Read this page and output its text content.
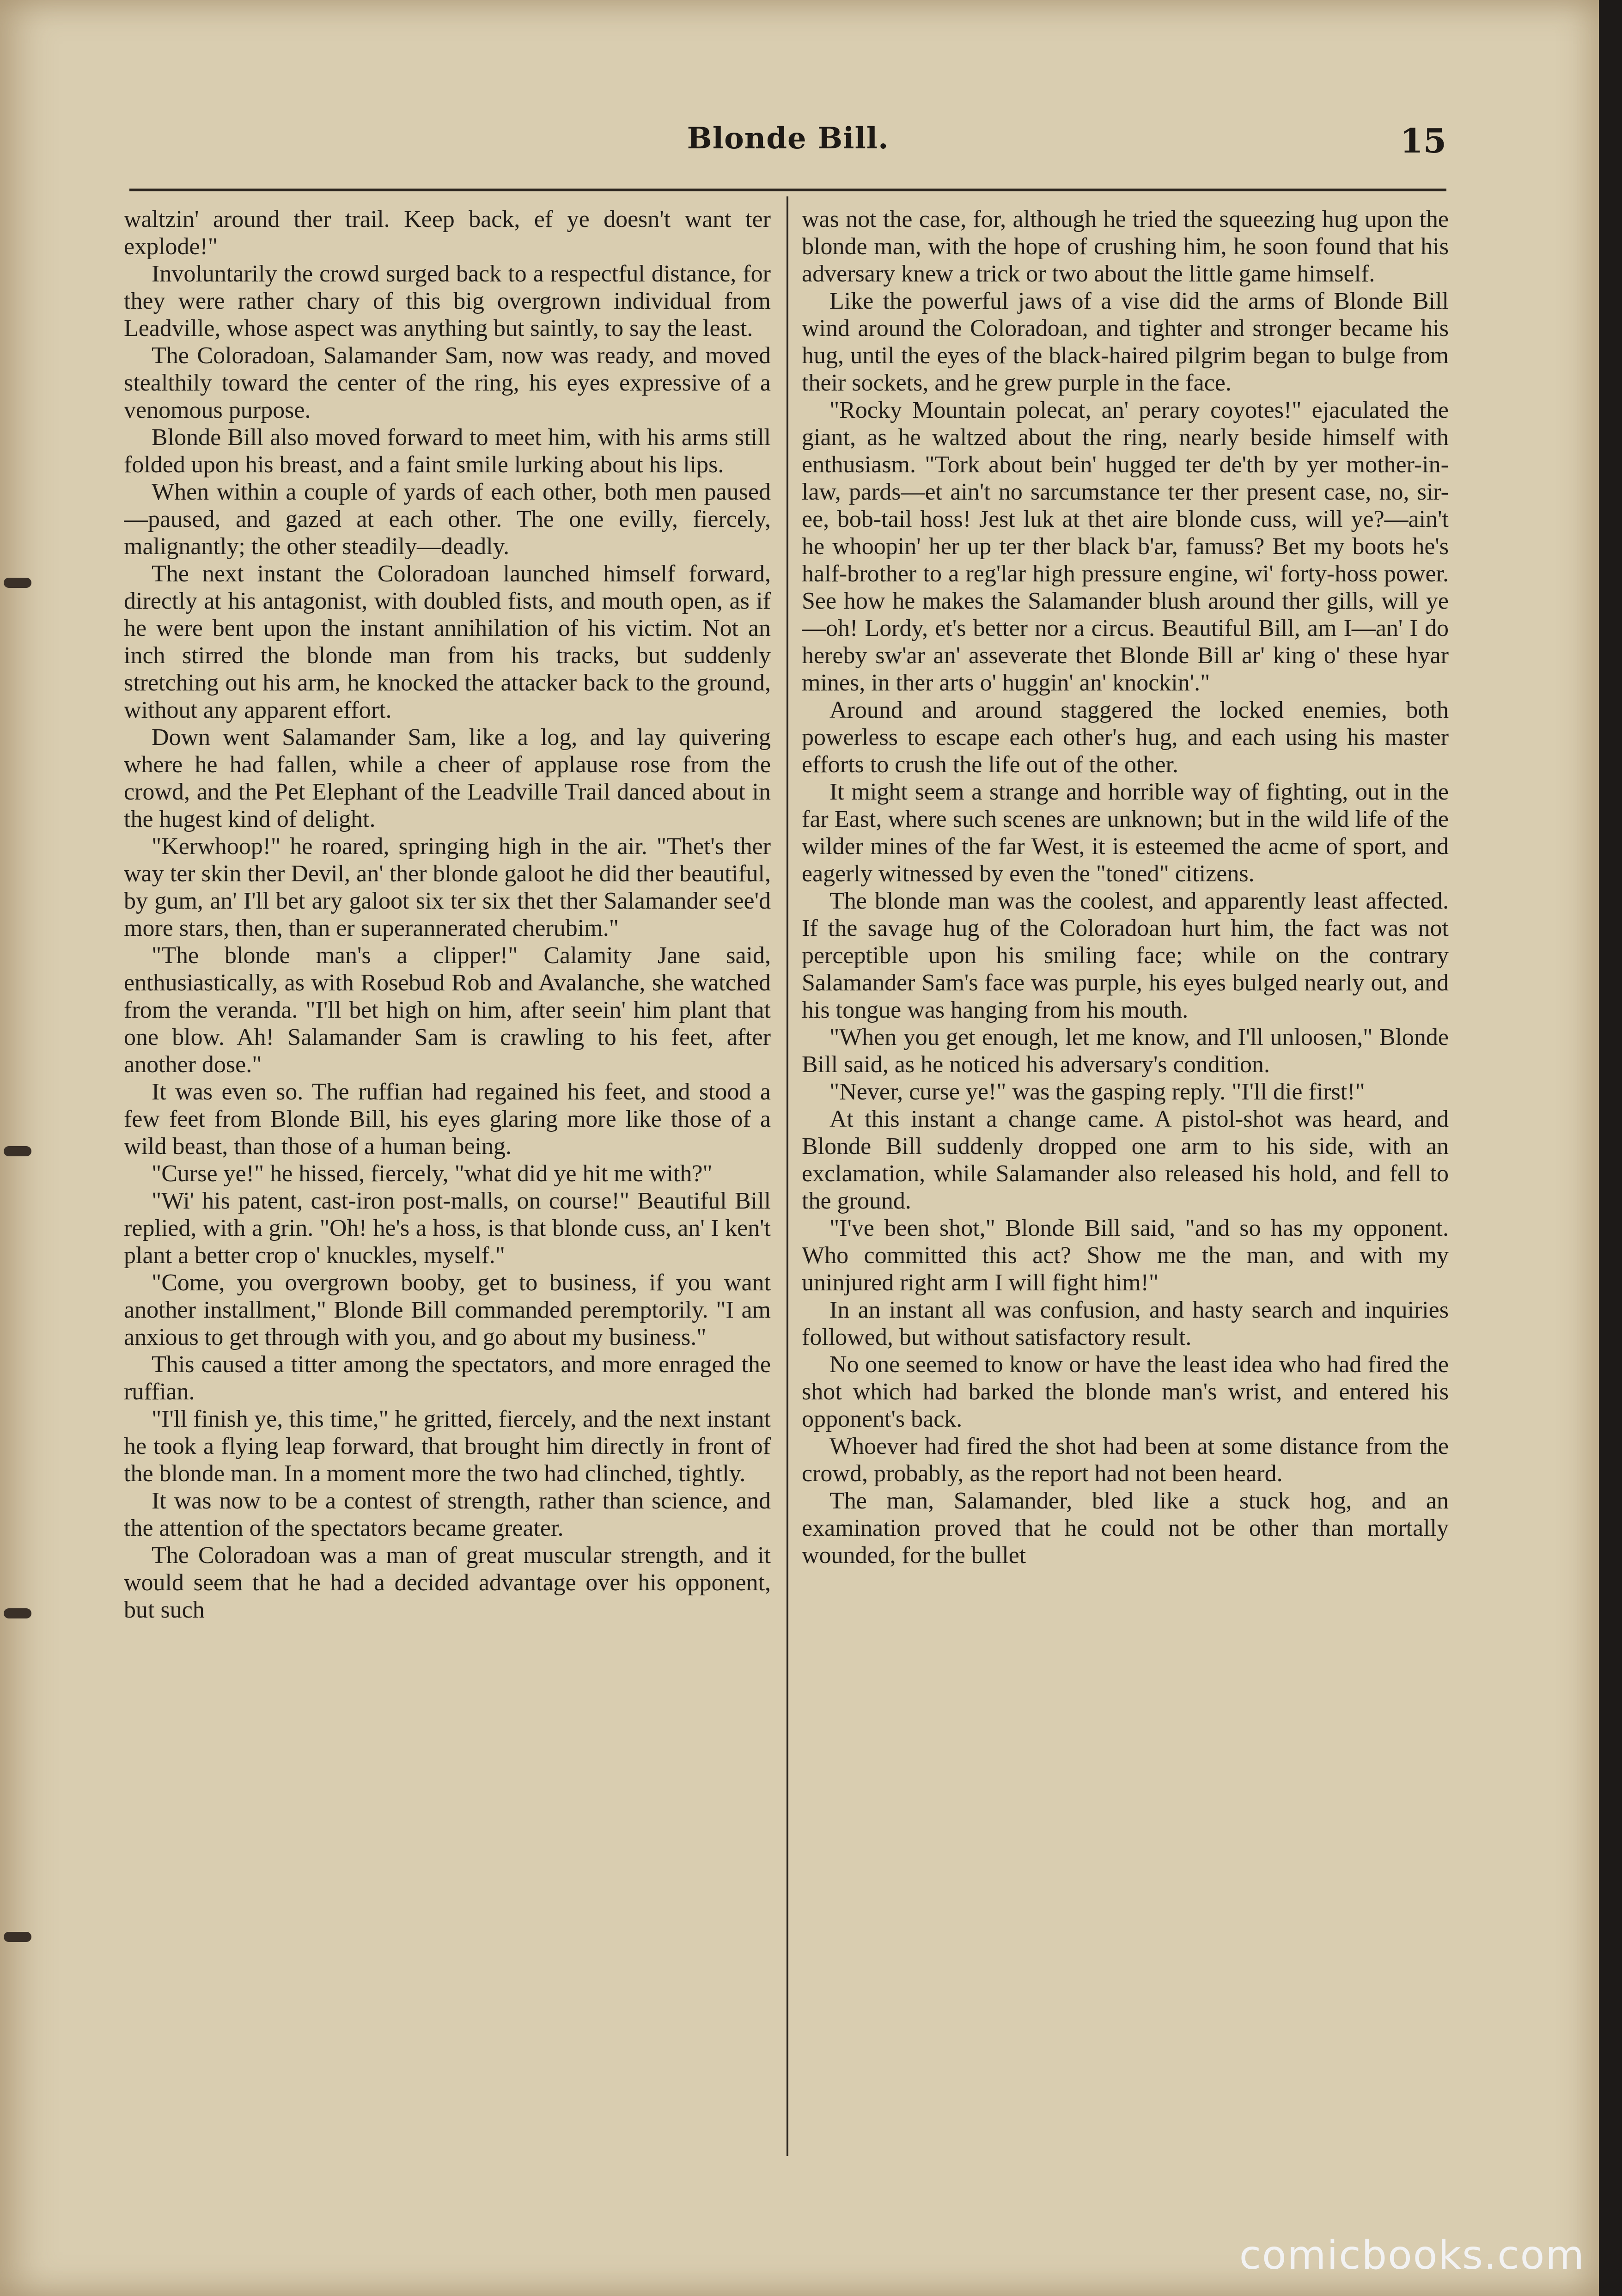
Blonde Bill.	15

waltzin' around ther trail. Keep back, ef ye doesn't want ter explode!"

Involuntarily the crowd surged back to a respectful distance, for they were rather chary of this big overgrown individual from Leadville, whose aspect was anything but saintly, to say the least.

The Coloradoan, Salamander Sam, now was ready, and moved stealthily toward the center of the ring, his eyes expressive of a venomous purpose.

Blonde Bill also moved forward to meet him, with his arms still folded upon his breast, and a faint smile lurking about his lips.

When within a couple of yards of each other, both men paused—paused, and gazed at each other. The one evilly, fiercely, malignantly; the other steadily—deadly.

The next instant the Coloradoan launched himself forward, directly at his antagonist, with doubled fists, and mouth open, as if he were bent upon the instant annihilation of his victim. Not an inch stirred the blonde man from his tracks, but suddenly stretching out his arm, he knocked the attacker back to the ground, without any apparent effort.

Down went Salamander Sam, like a log, and lay quivering where he had fallen, while a cheer of applause rose from the crowd, and the Pet Elephant of the Leadville Trail danced about in the hugest kind of delight.

"Kerwhoop!" he roared, springing high in the air. "Thet's ther way ter skin ther Devil, an' ther blonde galoot he did ther beautiful, by gum, an' I'll bet ary galoot six ter six thet ther Salamander see'd more stars, then, than er superannerated cherubim."

"The blonde man's a clipper!" Calamity Jane said, enthusiastically, as with Rosebud Rob and Avalanche, she watched from the veranda. "I'll bet high on him, after seein' him plant that one blow. Ah! Salamander Sam is crawling to his feet, after another dose."

It was even so. The ruffian had regained his feet, and stood a few feet from Blonde Bill, his eyes glaring more like those of a wild beast, than those of a human being.

"Curse ye!" he hissed, fiercely, "what did ye hit me with?"

"Wi' his patent, cast-iron post-malls, on course!" Beautiful Bill replied, with a grin. "Oh! he's a hoss, is that blonde cuss, an' I ken't plant a better crop o' knuckles, myself."

"Come, you overgrown booby, get to business, if you want another installment," Blonde Bill commanded peremptorily. "I am anxious to get through with you, and go about my business."

This caused a titter among the spectators, and more enraged the ruffian.

"I'll finish ye, this time," he gritted, fiercely, and the next instant he took a flying leap forward, that brought him directly in front of the blonde man. In a moment more the two had clinched, tightly.

It was now to be a contest of strength, rather than science, and the attention of the spectators became greater.

The Coloradoan was a man of great muscular strength, and it would seem that he had a decided advantage over his opponent, but such

was not the case, for, although he tried the squeezing hug upon the blonde man, with the hope of crushing him, he soon found that his adversary knew a trick or two about the little game himself.

Like the powerful jaws of a vise did the arms of Blonde Bill wind around the Coloradoan, and tighter and stronger became his hug, until the eyes of the black-haired pilgrim began to bulge from their sockets, and he grew purple in the face.

"Rocky Mountain polecat, an' perary coyotes!" ejaculated the giant, as he waltzed about the ring, nearly beside himself with enthusiasm. "Tork about bein' hugged ter de'th by yer mother-in-law, pards—et ain't no sarcumstance ter ther present case, no, sir-ee, bob-tail hoss! Jest luk at thet aire blonde cuss, will ye?—ain't he whoopin' her up ter ther black b'ar, famuss? Bet my boots he's half-brother to a reg'lar high pressure engine, wi' forty-hoss power. See how he makes the Salamander blush around ther gills, will ye—oh! Lordy, et's better nor a circus. Beautiful Bill, am I—an' I do hereby sw'ar an' asseverate thet Blonde Bill ar' king o' these hyar mines, in ther arts o' huggin' an' knockin'."

Around and around staggered the locked enemies, both powerless to escape each other's hug, and each using his master efforts to crush the life out of the other.

It might seem a strange and horrible way of fighting, out in the far East, where such scenes are unknown; but in the wild life of the wilder mines of the far West, it is esteemed the acme of sport, and eagerly witnessed by even the "toned" citizens.

The blonde man was the coolest, and apparently least affected. If the savage hug of the Coloradoan hurt him, the fact was not perceptible upon his smiling face; while on the contrary Salamander Sam's face was purple, his eyes bulged nearly out, and his tongue was hanging from his mouth.

"When you get enough, let me know, and I'll unloosen," Blonde Bill said, as he noticed his adversary's condition.

"Never, curse ye!" was the gasping reply. "I'll die first!"

At this instant a change came. A pistol-shot was heard, and Blonde Bill suddenly dropped one arm to his side, with an exclamation, while Salamander also released his hold, and fell to the ground.

"I've been shot," Blonde Bill said, "and so has my opponent. Who committed this act? Show me the man, and with my uninjured right arm I will fight him!"

In an instant all was confusion, and hasty search and inquiries followed, but without satisfactory result.

No one seemed to know or have the least idea who had fired the shot which had barked the blonde man's wrist, and entered his opponent's back.

Whoever had fired the shot had been at some distance from the crowd, probably, as the report had not been heard.

The man, Salamander, bled like a stuck hog, and an examination proved that he could not be other than mortally wounded, for the bullet

comicbooks.com
